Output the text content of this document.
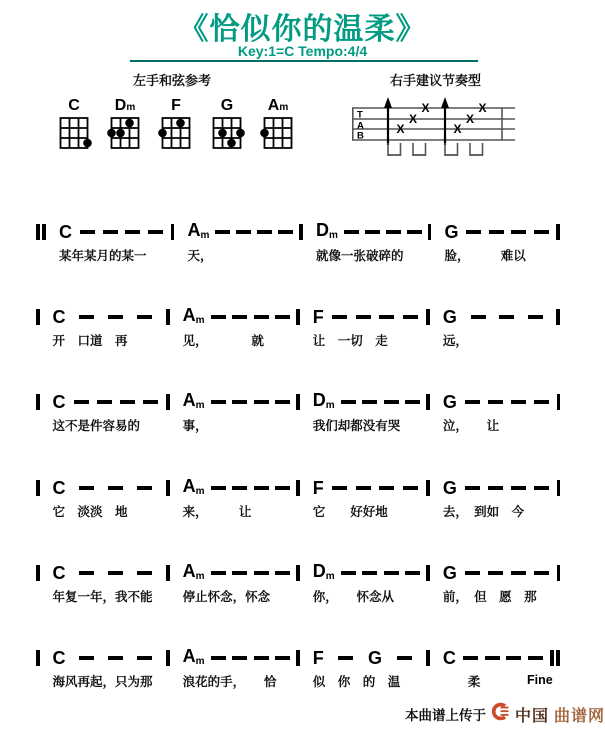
《恰似你的温柔》
Key:1=C Tempo:4/4
左手和弦参考	右手建议节奏型
C	Dm	F	G	Am
T
A
B	X
X
X
X
X
X
C
某年某月的某一
Am
天，
Dm
就像一张破碎的
G
脸，　　　难以
C
开　口道　再
Am
见，　　　　就
F
让　一切　走
G
远，
C
这不是件容易的
Am
事，
Dm
我们却都没有哭
G
泣，　　让
C
它　淡淡　地
Am
来，　　　让
F
它　　好好地
G
去，　到如　今
C
年复一年，我不能
Am
停止怀念，怀念
Dm
你，　　怀念从
G
前，　但　愿　那
C
海风再起，只为那
Am
浪花的手，　　恰
F G
似　你　的　温
C
　　柔	Fine
本曲谱上传于 中国 曲谱网
